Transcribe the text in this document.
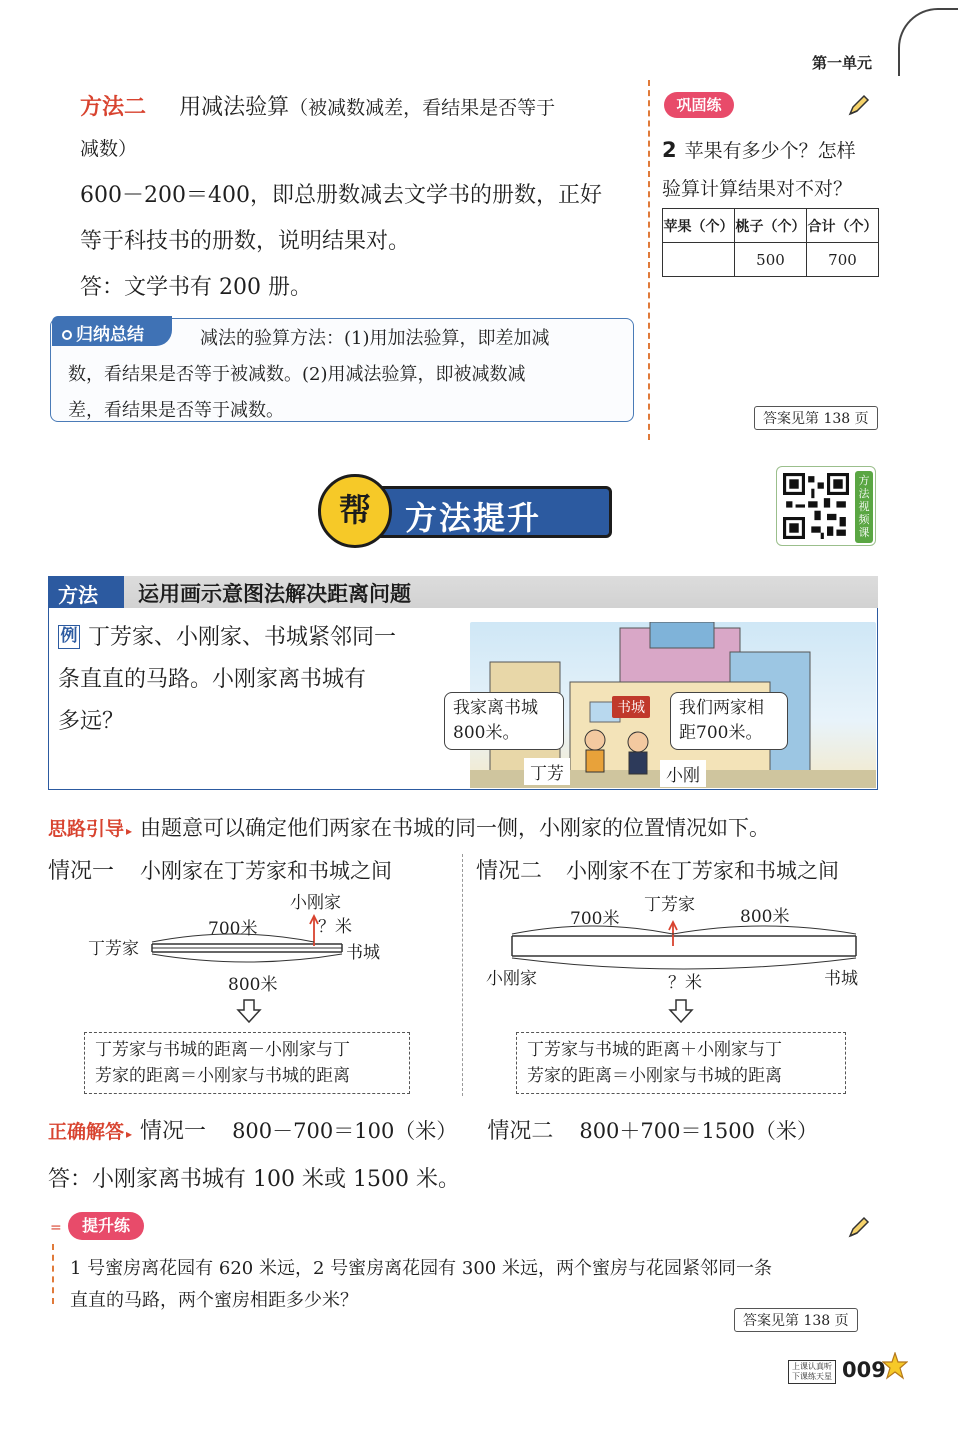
第一单元
方法二 用减法验算（被减数减差，看结果是否等于
减数）
600－200＝400，即总册数减去文学书的册数，正好
等于科技书的册数，说明结果对。
答：文学书有 200 册。
归纳总结	减法的验算方法：(1)用加法验算，即差加减
数，看结果是否等于被减数。(2)用减法验算，即被减数减
差，看结果是否等于减数。
巩固练
2 苹果有多少个？怎样
验算计算结果对不对？
苹果（个）	桃子（个）	合计（个）
	500	700
答案见第 138 页
方法提升
帮
方法视频课
方法	运用画示意图法解决距离问题
例 丁芳家、小刚家、书城紧邻同一
条直直的马路。小刚家离书城有
多远？
书城
我家离书城
800米。
我们两家相
距700米。
丁芳	小刚
思路引导 ▸ 由题意可以确定他们两家在书城的同一侧，小刚家的位置情况如下。
情况一 小刚家在丁芳家和书城之间
小刚家
？米
700米
丁芳家	书城
800米
丁芳家与书城的距离－小刚家与丁
芳家的距离＝小刚家与书城的距离
情况二 小刚家不在丁芳家和书城之间
丁芳家
700米	800米
小刚家	？米	书城
丁芳家与书城的距离＋小刚家与丁
芳家的距离＝小刚家与书城的距离
正确解答 ▸ 情况一 800－700＝100（米） 情况二 800＋700＝1500（米）
答：小刚家离书城有 100 米或 1500 米。
=	提升练
1 号蜜房离花园有 620 米远，2 号蜜房离花园有 300 米远，两个蜜房与花园紧邻同一条
直直的马路，两个蜜房相距多少米？
答案见第 138 页
上课认真听
下课练天星 009
